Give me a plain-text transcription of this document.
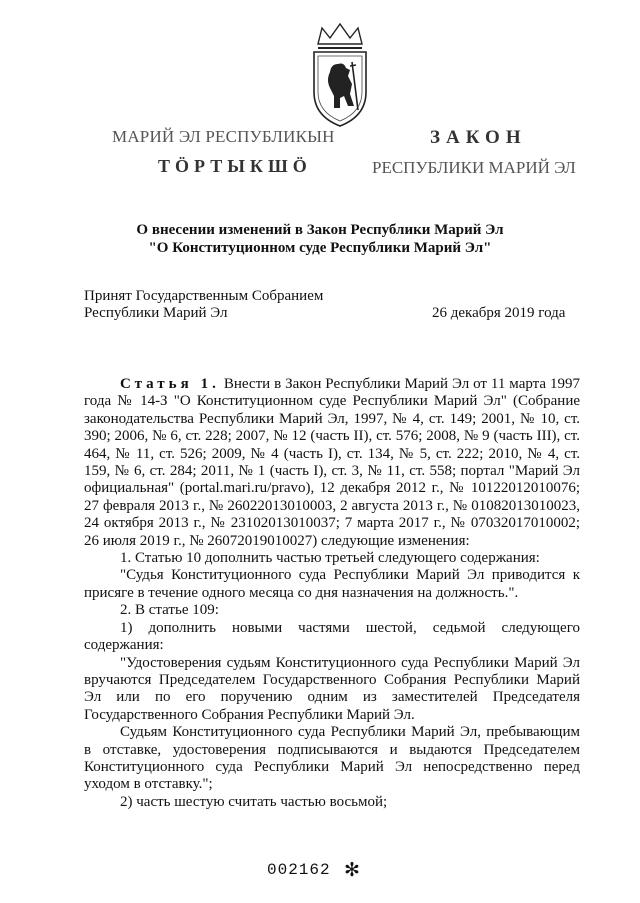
МАРИЙ ЭЛ РЕСПУБЛИКЫН
ТӦРТЫКШӦ
ЗАКОН
РЕСПУБЛИКИ МАРИЙ ЭЛ
О внесении изменений в Закон Республики Марий Эл
"О Конституционном суде Республики Марий Эл"
Принят Государственным Собранием
Республики Марий Эл	26 декабря 2019 года

Статья 1. Внести в Закон Республики Марий Эл от 11 марта 1997 года № 14-З "О Конституционном суде Республики Марий Эл" (Собрание законодательства Республики Марий Эл, 1997, № 4, ст. 149; 2001, № 10, ст. 390; 2006, № 6, ст. 228; 2007, № 12 (часть II), ст. 576; 2008, № 9 (часть III), ст. 464, № 11, ст. 526; 2009, № 4 (часть I), ст. 134, № 5, ст. 222; 2010, № 4, ст. 159, № 6, ст. 284; 2011, № 1 (часть I), ст. 3, № 11, ст. 558; портал "Марий Эл официальная" (portal.mari.ru/pravo), 12 декабря 2012 г., № 10122012010076; 27 февраля 2013 г., № 26022013010003, 2 августа 2013 г., № 01082013010023, 24 октября 2013 г., № 23102013010037; 7 марта 2017 г., № 07032017010002; 26 июля 2019 г., № 26072019010027) следующие изменения:

1. Статью 10 дополнить частью третьей следующего содержания:

"Судья Конституционного суда Республики Марий Эл приводится к присяге в течение одного месяца со дня назначения на должность.".

2. В статье 109:

1) дополнить новыми частями шестой, седьмой следующего содержания:

"Удостоверения судьям Конституционного суда Республики Марий Эл вручаются Председателем Государственного Собрания Республики Марий Эл или по его поручению одним из заместителей Председателя Государственного Собрания Республики Марий Эл.

Судьям Конституционного суда Республики Марий Эл, пребывающим в отставке, удостоверения подписываются и выдаются Председателем Конституционного суда Республики Марий Эл непосредственно перед уходом в отставку.";

2) часть шестую считать частью восьмой;

002162 ✻
